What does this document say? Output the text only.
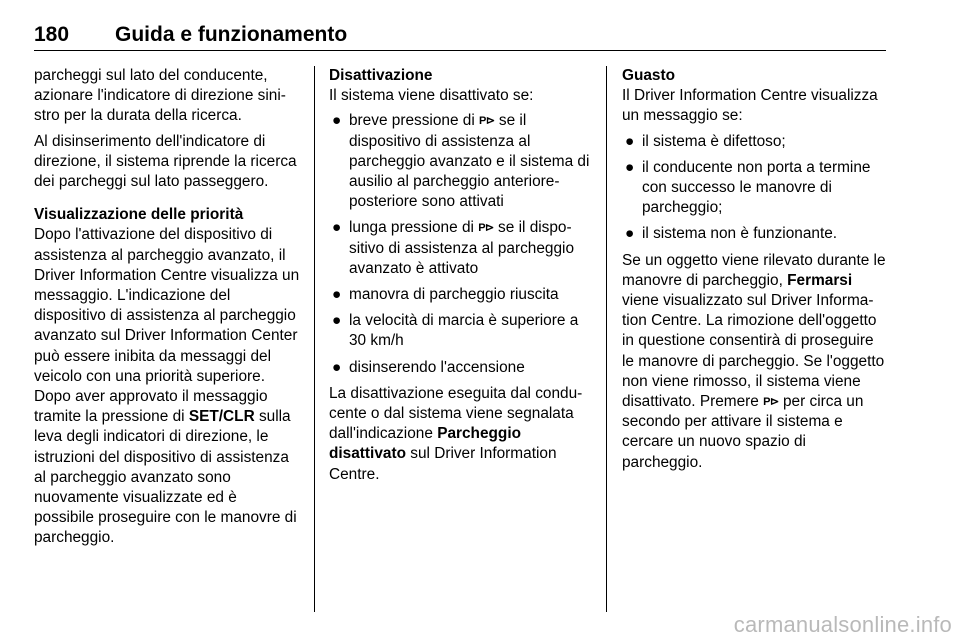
180 Guida e funzionamento

parcheggi sul lato del conducente, azionare l'indicatore di direzione sinistro per la durata della ricerca.

Al disinserimento dell'indicatore di direzione, il sistema riprende la ricerca dei parcheggi sul lato passeggero.

Visualizzazione delle priorità

Dopo l'attivazione del dispositivo di assistenza al parcheggio avanzato, il Driver Information Centre visualizza un messaggio. L'indicazione del dispositivo di assistenza al parcheggio avanzato sul Driver Information Center può essere inibita da messaggi del veicolo con una priorità superiore. Dopo aver approvato il messaggio tramite la pressione di SET/CLR sulla leva degli indicatori di direzione, le istruzioni del dispositivo di assistenza al parcheggio avanzato sono nuovamente visualizzate ed è possibile proseguire con le manovre di parcheggio.

Disattivazione

Il sistema viene disattivato se:

● breve pressione di P⊳ se il dispositivo di assistenza al parcheggio avanzato e il sistema di ausilio al parcheggio anteriore-posteriore sono attivati
● lunga pressione di P⊳ se il dispositivo di assistenza al parcheggio avanzato è attivato
● manovra di parcheggio riuscita
● la velocità di marcia è superiore a 30 km/h
● disinserendo l'accensione

La disattivazione eseguita dal conducente o dal sistema viene segnalata dall'indicazione Parcheggio disattivato sul Driver Information Centre.

Guasto

Il Driver Information Centre visualizza un messaggio se:

● il sistema è difettoso;
● il conducente non porta a termine con successo le manovre di parcheggio;
● il sistema non è funzionante.

Se un oggetto viene rilevato durante le manovre di parcheggio, Fermarsi viene visualizzato sul Driver Information Centre. La rimozione dell'oggetto in questione consentirà di proseguire le manovre di parcheggio. Se l'oggetto non viene rimosso, il sistema viene disattivato. Premere P⊳ per circa un secondo per attivare il sistema e cercare un nuovo spazio di parcheggio.

carmanualsonline.info
